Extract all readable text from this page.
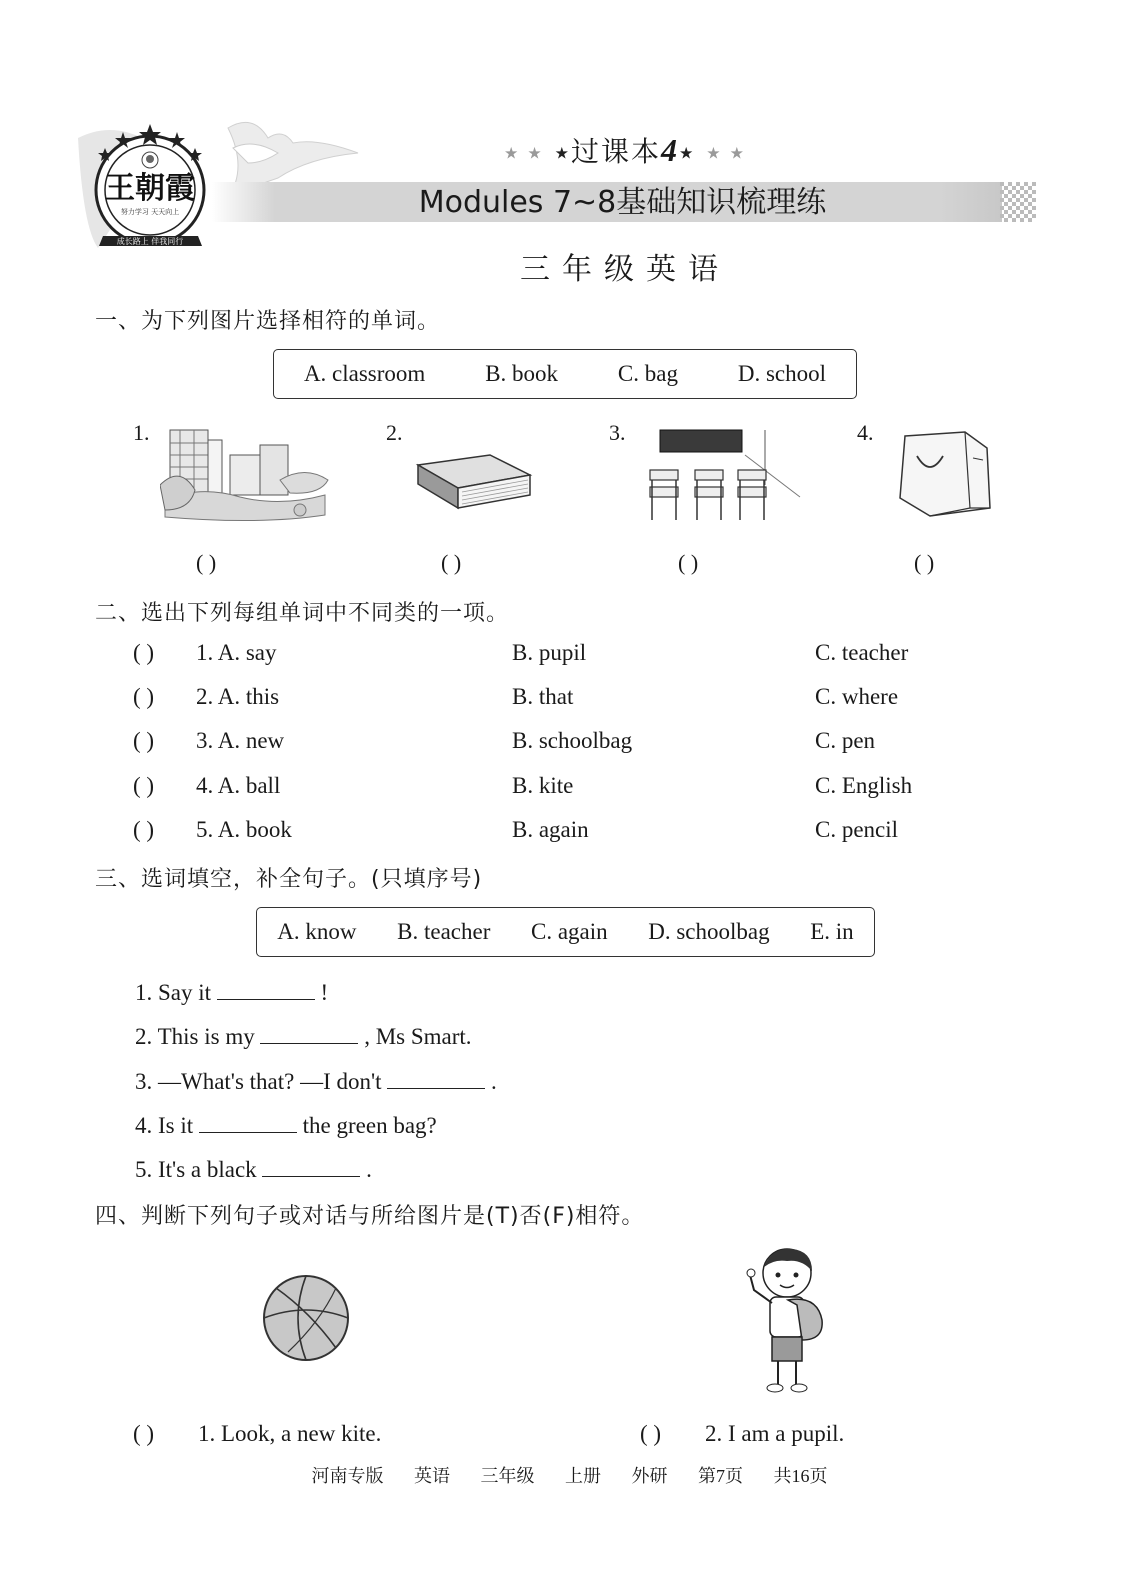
王朝霞
努力学习 天天向上
成长路上 伴我同行
★ ★ ★过课本4★ ★ ★
Modules 7~8基础知识梳理练
三年级英语
一、为下列图片选择相符的单词。
A. classroom	B. book	C. bag	D. school
1.	2.	3.	4.
( )	( )	( )	( )
二、选出下列每组单词中不同类的一项。
( ) 1. A. say	B. pupil	C. teacher
( ) 2. A. this	B. that	C. where
( ) 3. A. new	B. schoolbag	C. pen
( ) 4. A. ball	B. kite	C. English
( ) 5. A. book	B. again	C. pencil
三、选词填空，补全句子。(只填序号)
A. know B. teacher C. again D. schoolbag E. in
1. Say it	!
2. This is my	, Ms Smart.
3. —What's that? —I don't	.
4. Is it	the green bag?
5. It's a black	.
四、判断下列句子或对话与所给图片是(T)否(F)相符。
( ) 1. Look, a new kite.	( ) 2. I am a pupil.
河南专版 英语 三年级 上册 外研 第7页 共16页
